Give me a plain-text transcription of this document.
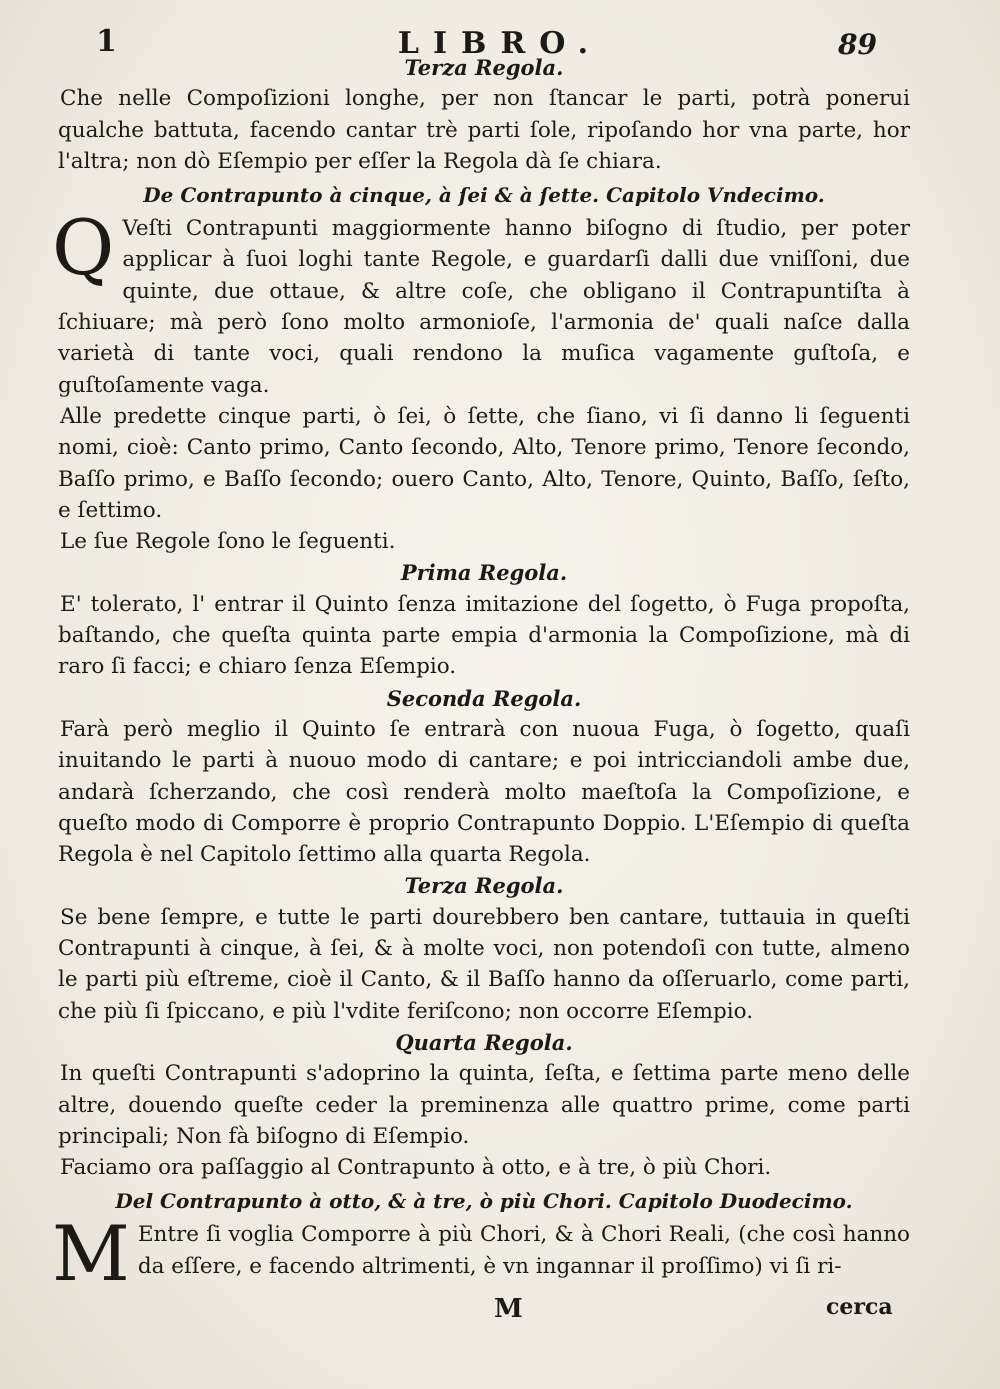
1	LIBRO.	89

Terza Regola.

Che nelle Compoſizioni longhe, per non ſtancar le parti, potrà ponerui qualche battuta, facendo cantar trè parti ſole, ripoſando hor vna parte, hor l'altra; non dò Eſempio per eſſer la Regola dà ſe chiara.

De Contrapunto à cinque, à ſei & à ſette. Capitolo Vndecimo.

Q Veſti Contrapunti maggiormente hanno biſogno di ſtudio, per poter applicar à ſuoi loghi tante Regole, e guardarſi dalli due vniſſoni, due quinte, due ottaue, & altre coſe, che obligano il Contrapuntiſta à ſchiuare; mà però ſono molto armonioſe, l'armonia de' quali naſce dalla varietà di tante voci, quali rendono la muſica vagamente guſtoſa, e guſtoſamente vaga.

Alle predette cinque parti, ò ſei, ò ſette, che ſiano, vi ſi danno li ſeguenti nomi, cioè: Canto primo, Canto ſecondo, Alto, Tenore primo, Tenore ſecondo, Baſſo primo, e Baſſo ſecondo; ouero Canto, Alto, Tenore, Quinto, Baſſo, ſeſto, e ſettimo.

Le ſue Regole ſono le ſeguenti.

Prima Regola.

E' tolerato, l' entrar il Quinto ſenza imitazione del ſogetto, ò Fuga propoſta, baſtando, che queſta quinta parte empia d'armonia la Compoſizione, mà di raro ſi facci; e chiaro ſenza Eſempio.

Seconda Regola.

Farà però meglio il Quinto ſe entrarà con nuoua Fuga, ò ſogetto, quaſi inuitando le parti à nuouo modo di cantare; e poi intricciandoli ambe due, andarà ſcherzando, che così renderà molto maeſtoſa la Compoſizione, e queſto modo di Comporre è proprio Contrapunto Doppio. L'Eſempio di queſta Regola è nel Capitolo ſettimo alla quarta Regola.

Terza Regola.

Se bene ſempre, e tutte le parti dourebbero ben cantare, tuttauia in queſti Contrapunti à cinque, à ſei, & à molte voci, non potendoſi con tutte, almeno le parti più eſtreme, cioè il Canto, & il Baſſo hanno da oſſeruarlo, come parti, che più ſi ſpiccano, e più l'vdite feriſcono; non occorre Eſempio.

Quarta Regola.

In queſti Contrapunti s'adoprino la quinta, ſeſta, e ſettima parte meno delle altre, douendo queſte ceder la preminenza alle quattro prime, come parti principali; Non fà biſogno di Eſempio.

Faciamo ora paſſaggio al Contrapunto à otto, e à tre, ò più Chori.

Del Contrapunto à otto, & à tre, ò più Chori. Capitolo Duodecimo.

M Entre ſi voglia Comporre à più Chori, & à Chori Reali, (che così hanno da eſſere, e facendo altrimenti, è vn ingannar il proſſimo) vi ſi ri-

M	cerca
